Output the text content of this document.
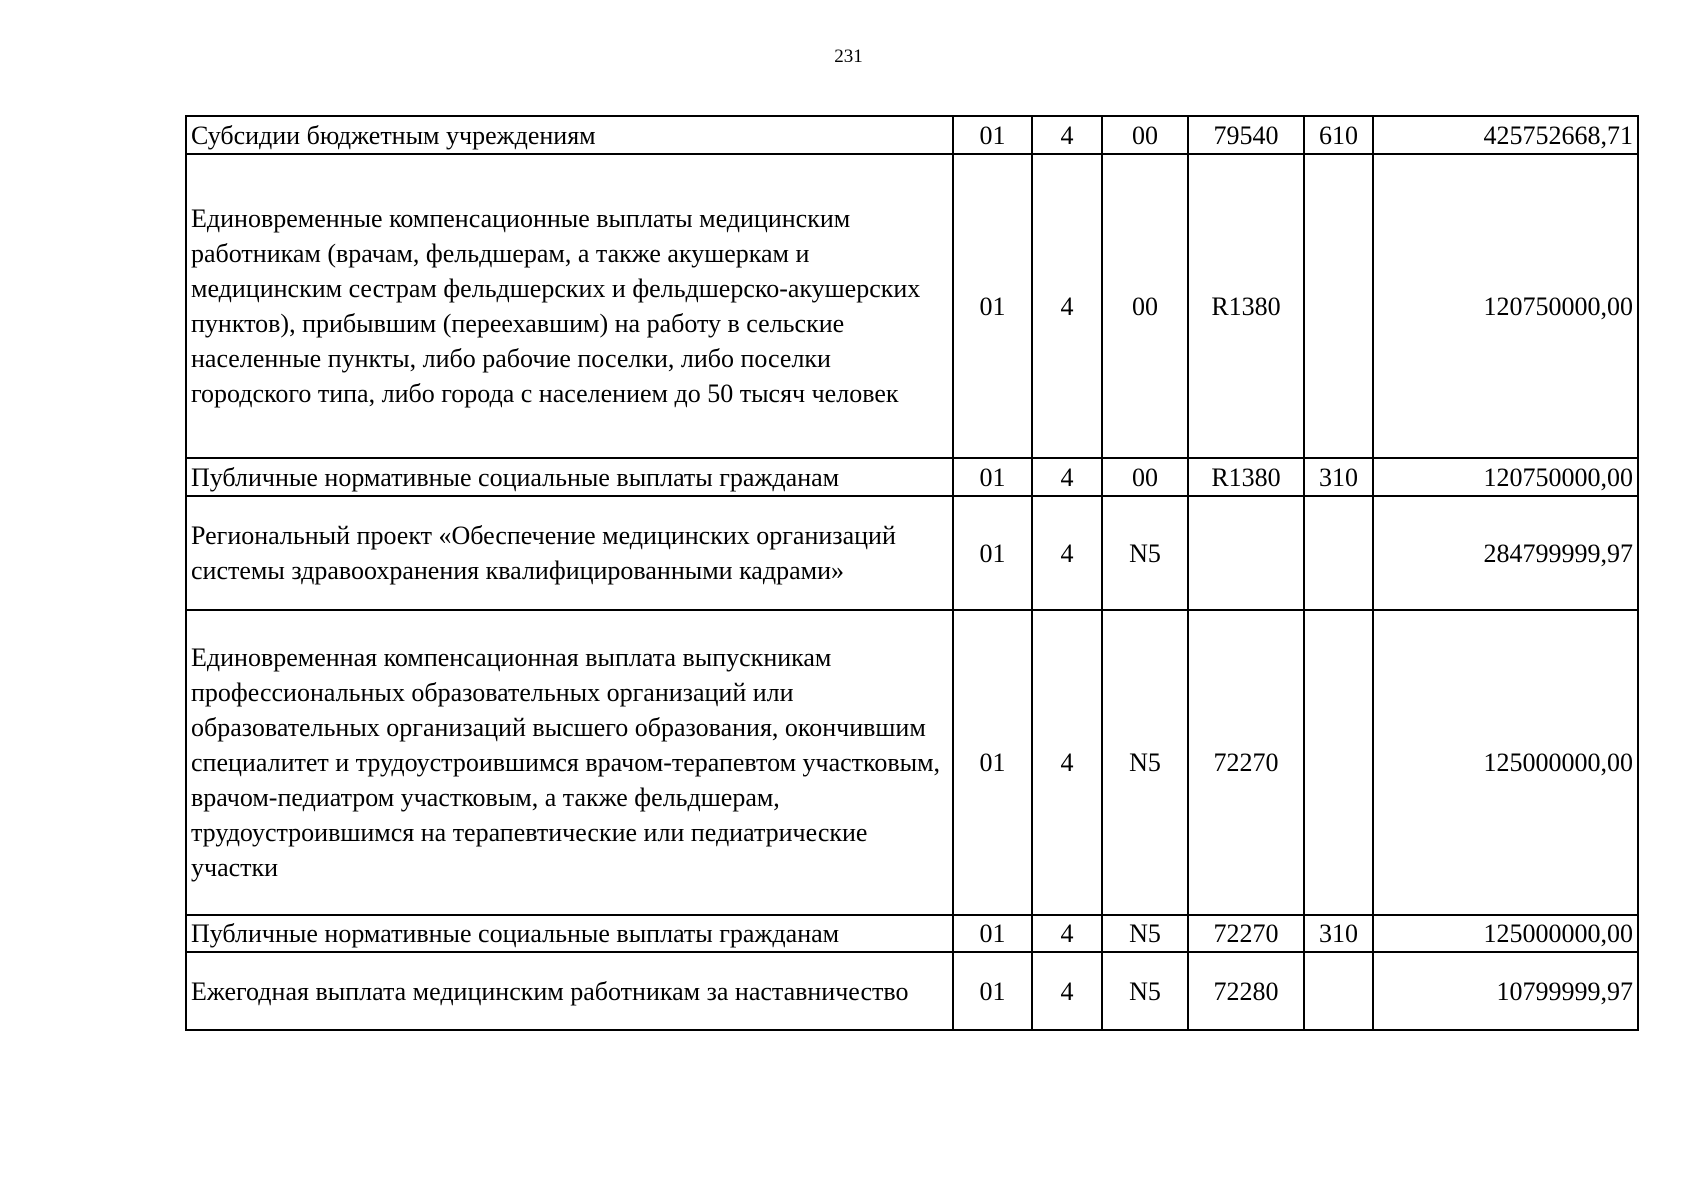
231
Субсидии бюджетным учреждениям	01	4	00	79540	610	425752668,71
Единовременные компенсационные выплаты медицинским работникам (врачам, фельдшерам, а также акушеркам и медицинским сестрам фельдшерских и фельдшерско-акушерских пунктов), прибывшим (переехавшим) на работу в сельские населенные пункты, либо рабочие поселки, либо поселки городского типа, либо города с населением до 50 тысяч человек	01	4	00	R1380		120750000,00
Публичные нормативные социальные выплаты гражданам	01	4	00	R1380	310	120750000,00
Региональный проект «Обеспечение медицинских организаций системы здравоохранения квалифицированными кадрами»	01	4	N5			284799999,97
Единовременная компенсационная выплата выпускникам профессиональных образовательных организаций или образовательных организаций высшего образования, окончившим специалитет и трудоустроившимся врачом-терапевтом участковым, врачом-педиатром участковым, а также фельдшерам, трудоустроившимся на терапевтические или педиатрические участки	01	4	N5	72270		125000000,00
Публичные нормативные социальные выплаты гражданам	01	4	N5	72270	310	125000000,00
Ежегодная выплата медицинским работникам за наставничество	01	4	N5	72280		10799999,97
